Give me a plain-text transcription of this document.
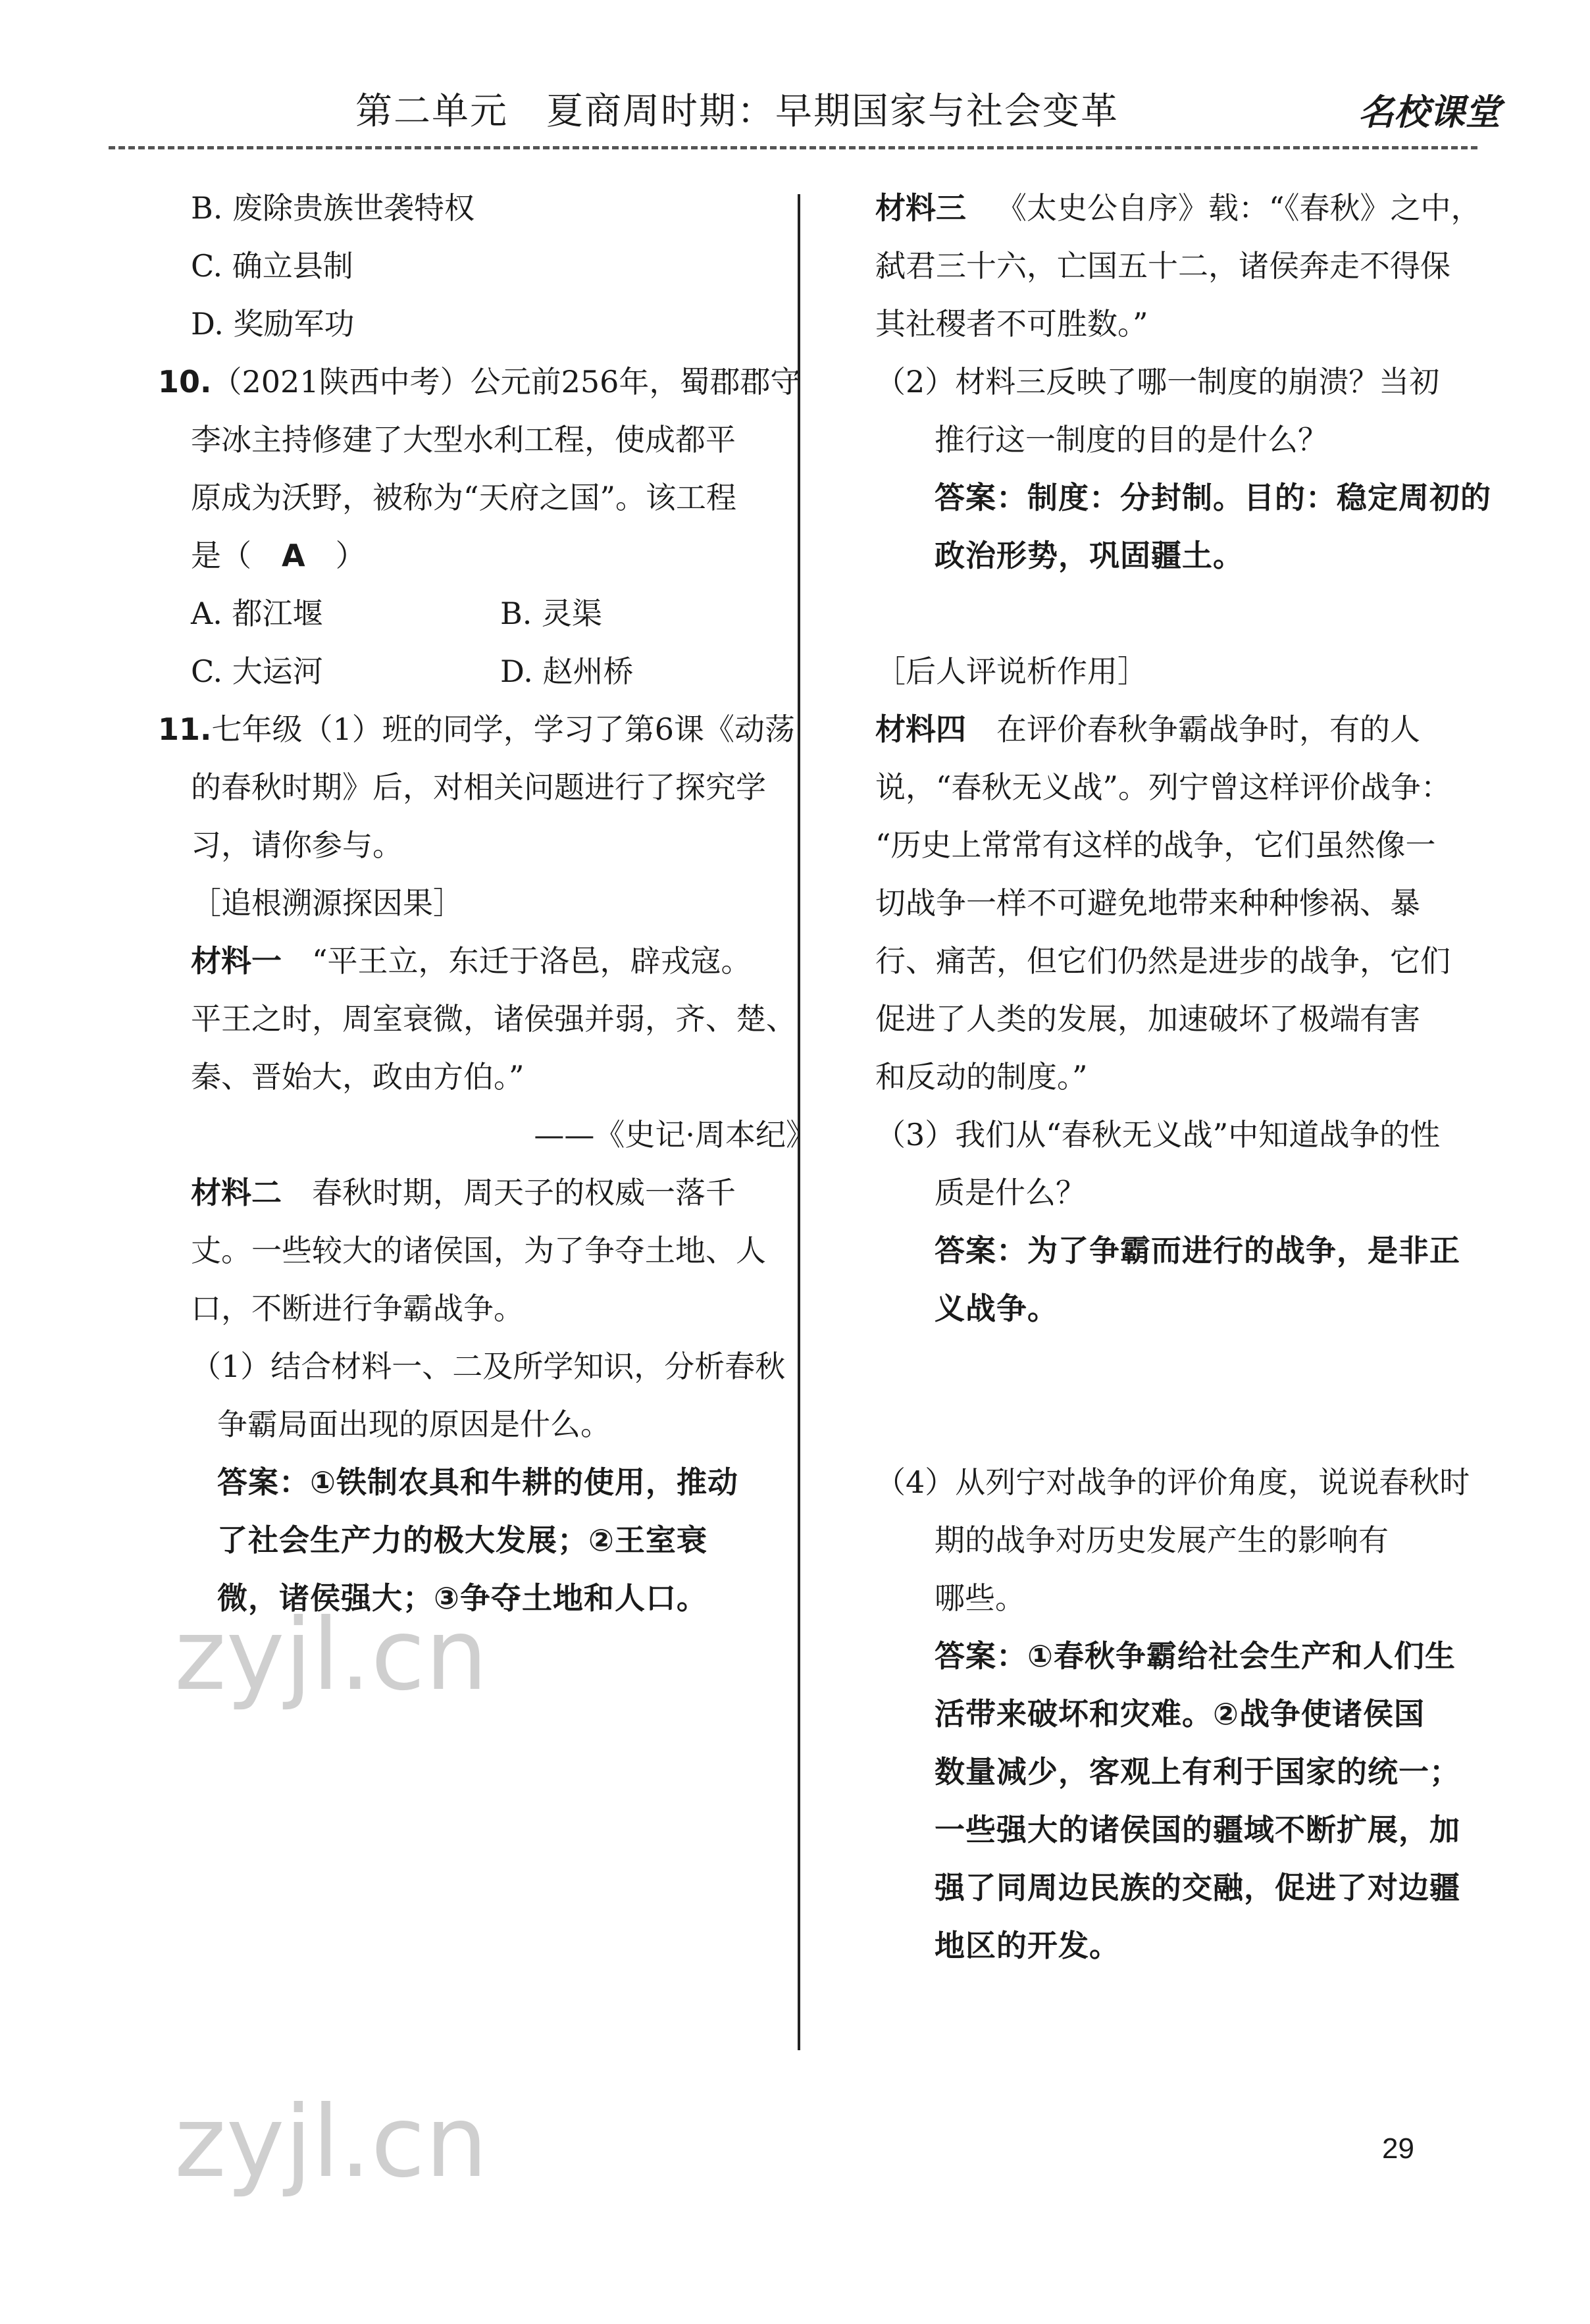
第二单元　夏商周时期：早期国家与社会变革	名校课堂
B. 废除贵族世袭特权
C. 确立县制
D. 奖励军功
10.（2021陕西中考）公元前256年，蜀郡郡守
李冰主持修建了大型水利工程，使成都平
原成为沃野，被称为“天府之国”。该工程
是（  A  ）
A. 都江堰	B. 灵渠
C. 大运河	D. 赵州桥
11.七年级（1）班的同学，学习了第6课《动荡
的春秋时期》后，对相关问题进行了探究学
习，请你参与。
［追根溯源探因果］
材料一  “平王立，东迁于洛邑，辟戎寇。
平王之时，周室衰微，诸侯强并弱，齐、楚、
秦、晋始大，政由方伯。”
——《史记·周本纪》
材料二  春秋时期，周天子的权威一落千
丈。一些较大的诸侯国，为了争夺土地、人
口，不断进行争霸战争。
（1）结合材料一、二及所学知识，分析春秋
争霸局面出现的原因是什么。
答案：①铁制农具和牛耕的使用，推动
了社会生产力的极大发展；②王室衰
微，诸侯强大；③争夺土地和人口。
材料三  《太史公自序》载：“《春秋》之中，
弑君三十六，亡国五十二，诸侯奔走不得保
其社稷者不可胜数。”
（2）材料三反映了哪一制度的崩溃？当初
推行这一制度的目的是什么？
答案：制度：分封制。目的：稳定周初的
政治形势，巩固疆土。
［后人评说析作用］
材料四  在评价春秋争霸战争时，有的人
说，“春秋无义战”。列宁曾这样评价战争：
“历史上常常有这样的战争，它们虽然像一
切战争一样不可避免地带来种种惨祸、暴
行、痛苦，但它们仍然是进步的战争，它们
促进了人类的发展，加速破坏了极端有害
和反动的制度。”
（3）我们从“春秋无义战”中知道战争的性
质是什么？
答案：为了争霸而进行的战争，是非正
义战争。
（4）从列宁对战争的评价角度，说说春秋时
期的战争对历史发展产生的影响有
哪些。
答案：①春秋争霸给社会生产和人们生
活带来破坏和灾难。②战争使诸侯国
数量减少，客观上有利于国家的统一；
一些强大的诸侯国的疆域不断扩展，加
强了同周边民族的交融，促进了对边疆
地区的开发。
zyjl.cn
zyjl.cn	29
